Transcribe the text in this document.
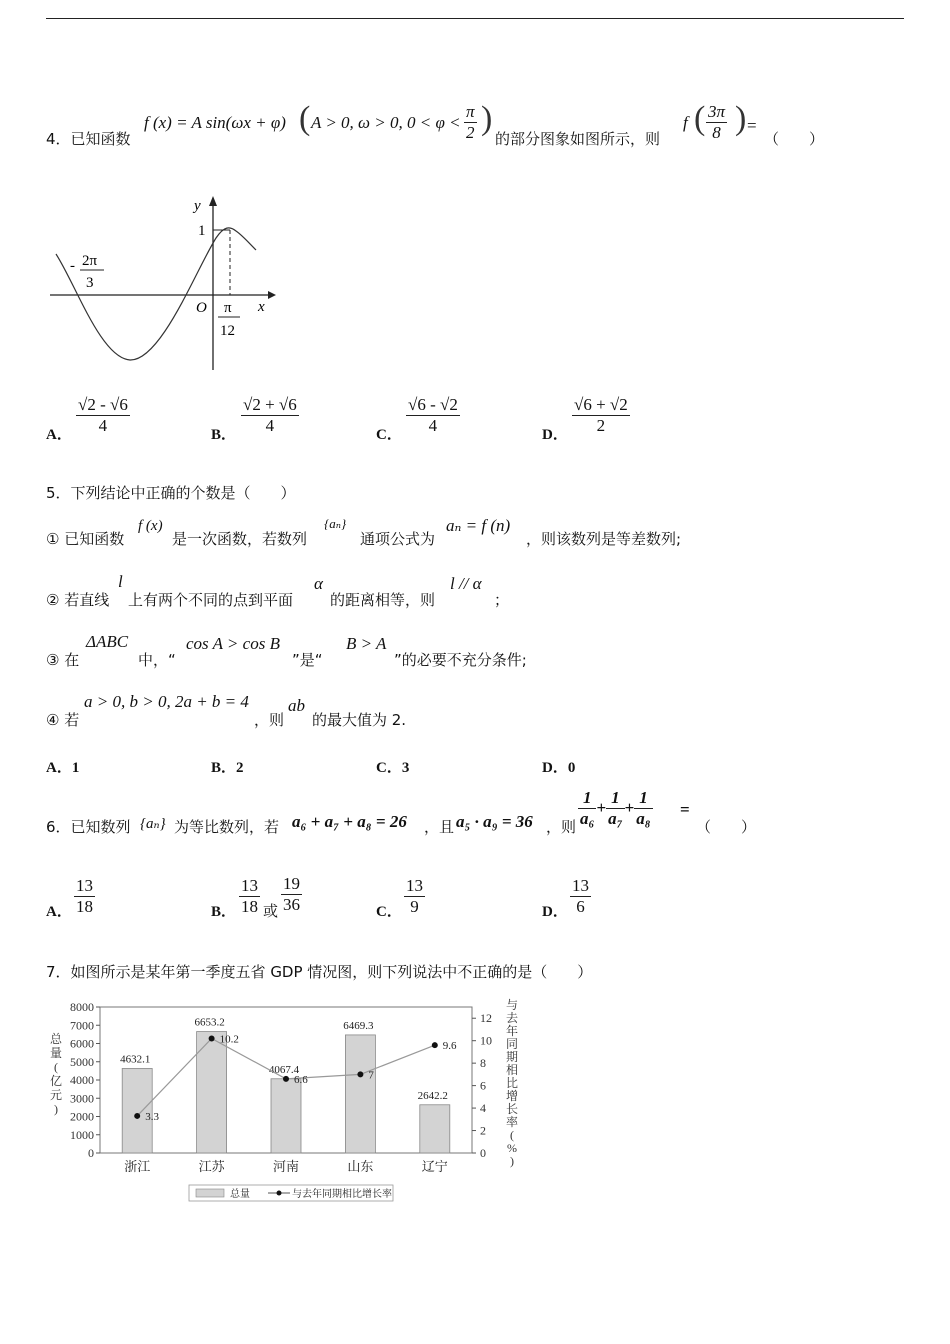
4．已知函数
f (x) = A sin(ωx + φ) ( A > 0, ω > 0, $0 < \varphi < \frac{\pi}{2}$ )
的部分图象如图所示，则
f ( $\frac{3\pi}{8}$ ) =
（　　）
y
1
- 2π
3
O π
12
x
A． $\frac{√2 - √6}{4}$	B． $\frac{√2 + √6}{4}$	C． $\frac{√6 - √2}{4}$	D． $\frac{√6 + √2}{2}$
5．下列结论中正确的个数是（　　）
① 已知函数
f (x)
是一次函数，若数列
{aₙ}
通项公式为
aₙ = f (n)
，则该数列是等差数列;
② 若直线
l
上有两个不同的点到平面
α
的距离相等，则
l // α
；
③ 在
ΔABC
中，“
cos A > cos B
”是“
B > A
”的必要不充分条件;
④ 若
a > 0, b > 0, 2a + b = 4
，则
ab
的最大值为 2.
A．1	B．2	C．3	D．0
6．已知数列 {aₙ} 为等比数列，若 a₆ + a₇ + a₈ = 26 ，且 a₅ · a₉ = 36 ，则 $\frac{1}{\text{a₆}} + \frac{1}{\text{a₇}} + \frac{1}{\text{a₈}}$ =
（　　）
A． $\frac{13}{18}$	B． $\frac{13}{18}$ 或 $\frac{19}{36}$	C． $\frac{13}{9}$	D． $\frac{13}{6}$
7．如图所示是某年第一季度五省 GDP 情况图，则下列说法中不正确的是（　　）
0
1000
2000
3000
4000
5000
6000
7000
8000
0
2
4
6
8
10
12
4632.1
浙江
6653.2
江苏
4067.4
河南
6469.3
山东
2642.2
辽宁
3.3
10.2
6.6	7
9.6
总
量
(
亿
元
)
与
去
年
同
期
相
比
增
长
率
(
%
)
总量	与去年同期相比增长率
